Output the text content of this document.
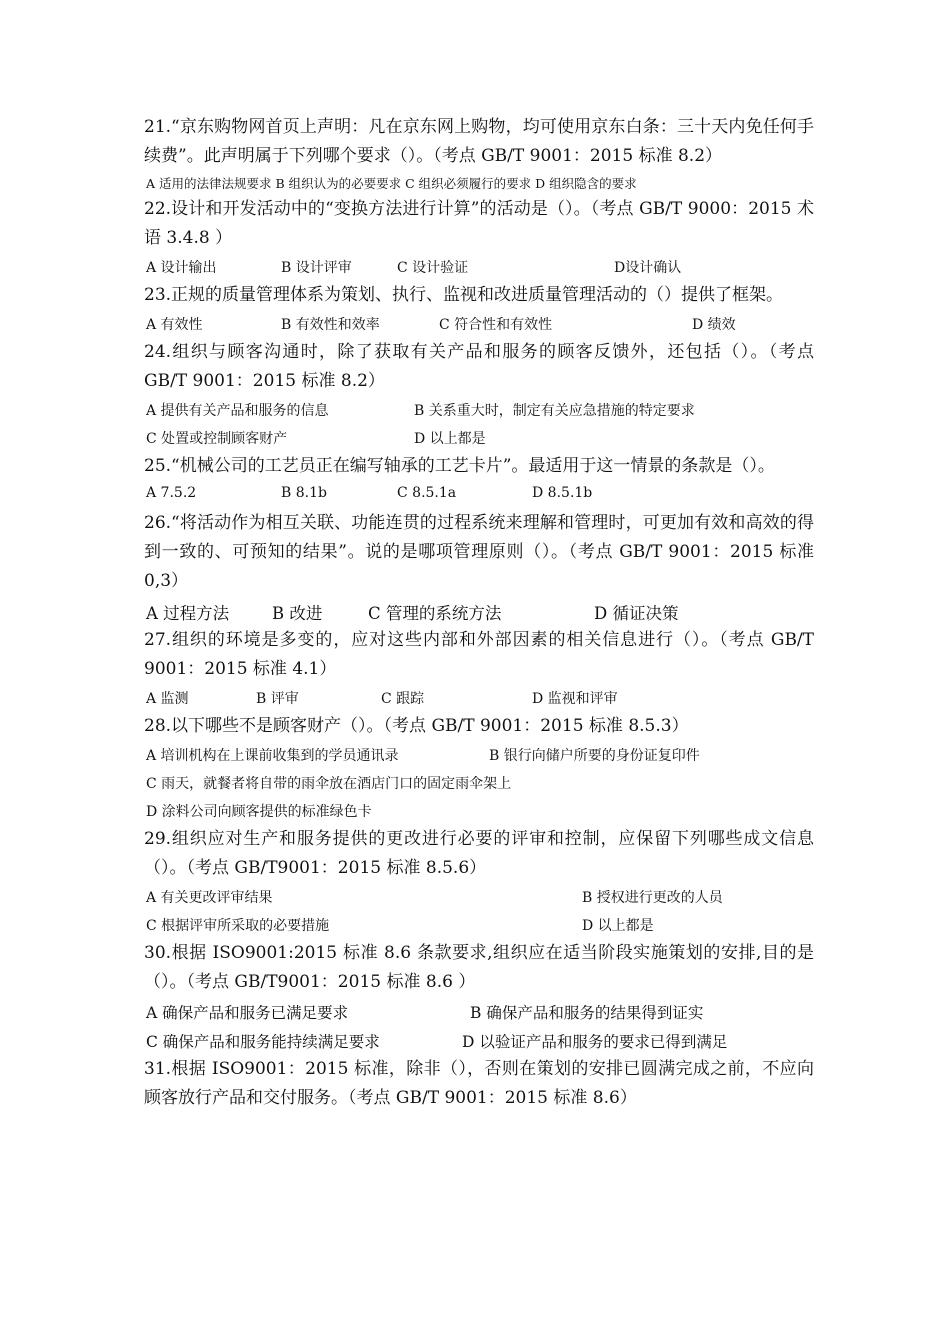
21.“京东购物网首页上声明：凡在京东网上购物，均可使用京东白条：三十天内免任何手续费”。此声明属于下列哪个要求（）。（考点 GB/T 9001：2015 标准 8.2）

A 适用的法律法规要求 B 组织认为的必要要求 C 组织必须履行的要求 D 组织隐含的要求

22.设计和开发活动中的“变换方法进行计算”的活动是（）。（考点 GB/T 9000：2015 术语 3.4.8 ）

A 设计输出	B 设计评审	C 设计验证	D设计确认

23.正规的质量管理体系为策划、执行、监视和改进质量管理活动的（）提供了框架。

A 有效性	B 有效性和效率	C 符合性和有效性	D 绩效

24.组织与顾客沟通时，除了获取有关产品和服务的顾客反馈外，还包括（）。（考点 GB/T 9001：2015 标准 8.2）

A 提供有关产品和服务的信息	B 关系重大时，制定有关应急措施的特定要求
C 处置或控制顾客财产	D 以上都是

25.“机械公司的工艺员正在编写轴承的工艺卡片”。最适用于这一情景的条款是（）。

A 7.5.2	B 8.1b	C 8.5.1a	D 8.5.1b

26.“将活动作为相互关联、功能连贯的过程系统来理解和管理时，可更加有效和高效的得到一致的、可预知的结果”。说的是哪项管理原则（）。（考点 GB/T 9001：2015 标准 0,3）

A 过程方法	B 改进	C 管理的系统方法	D 循证决策

27.组织的环境是多变的，应对这些内部和外部因素的相关信息进行（）。（考点 GB/T 9001：2015 标准 4.1）

A 监测	B 评审	C 跟踪	D 监视和评审

28.以下哪些不是顾客财产（）。（考点 GB/T 9001：2015 标准 8.5.3）

A 培训机构在上课前收集到的学员通讯录	B 银行向储户所要的身份证复印件
C 雨天，就餐者将自带的雨伞放在酒店门口的固定雨伞架上
D 涂料公司向顾客提供的标准绿色卡

29.组织应对生产和服务提供的更改进行必要的评审和控制，应保留下列哪些成文信息（）。（考点 GB/T9001：2015 标准 8.5.6）

A 有关更改评审结果	B 授权进行更改的人员
C 根据评审所采取的必要措施	D 以上都是

30.根据 ISO9001:2015 标准 8.6 条款要求,组织应在适当阶段实施策划的安排,目的是（）。（考点 GB/T9001：2015 标准 8.6 ）

A 确保产品和服务已满足要求	B 确保产品和服务的结果得到证实
C 确保产品和服务能持续满足要求	D 以验证产品和服务的要求已得到满足

31.根据 ISO9001：2015 标准，除非（），否则在策划的安排已圆满完成之前，不应向顾客放行产品和交付服务。（考点 GB/T 9001：2015 标准 8.6）
